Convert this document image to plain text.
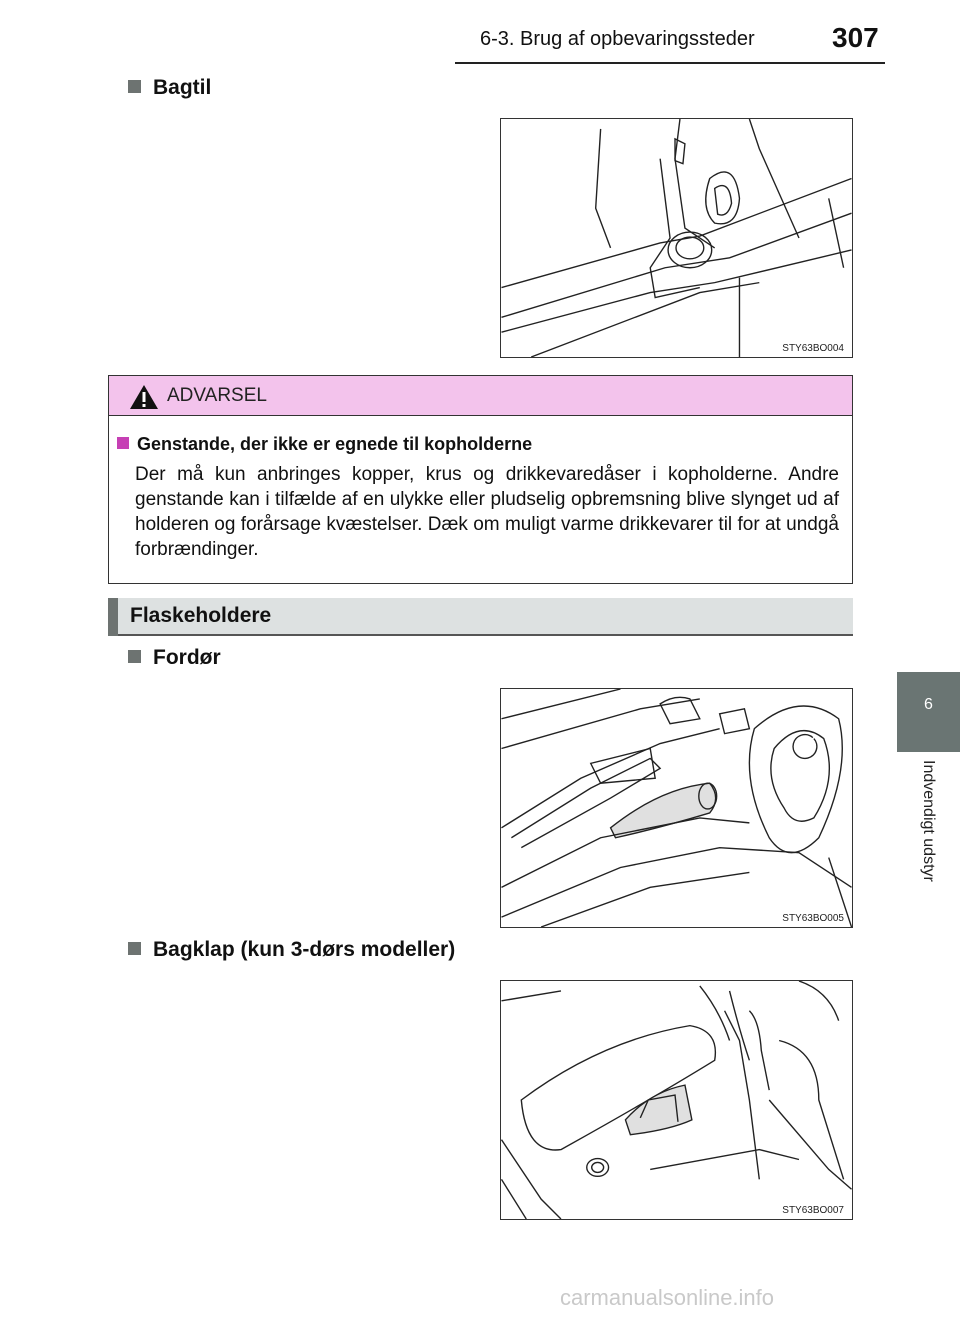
6-3. Brug af opbevaringssteder	307
6
Indvendigt udstyr
Bagtil
STY63BO004
ADVARSEL
Genstande, der ikke er egnede til kopholderne
Der må kun anbringes kopper, krus og drikkevaredåser i kopholderne. Andre genstande kan i tilfælde af en ulykke eller pludselig opbremsning blive slynget ud af holderen og forårsage kvæstelser. Dæk om muligt varme drikkevarer til for at undgå forbrændinger.
Flaskeholdere
Fordør
STY63BO005
Bagklap (kun 3-dørs modeller)
STY63BO007
carmanualsonline.info
